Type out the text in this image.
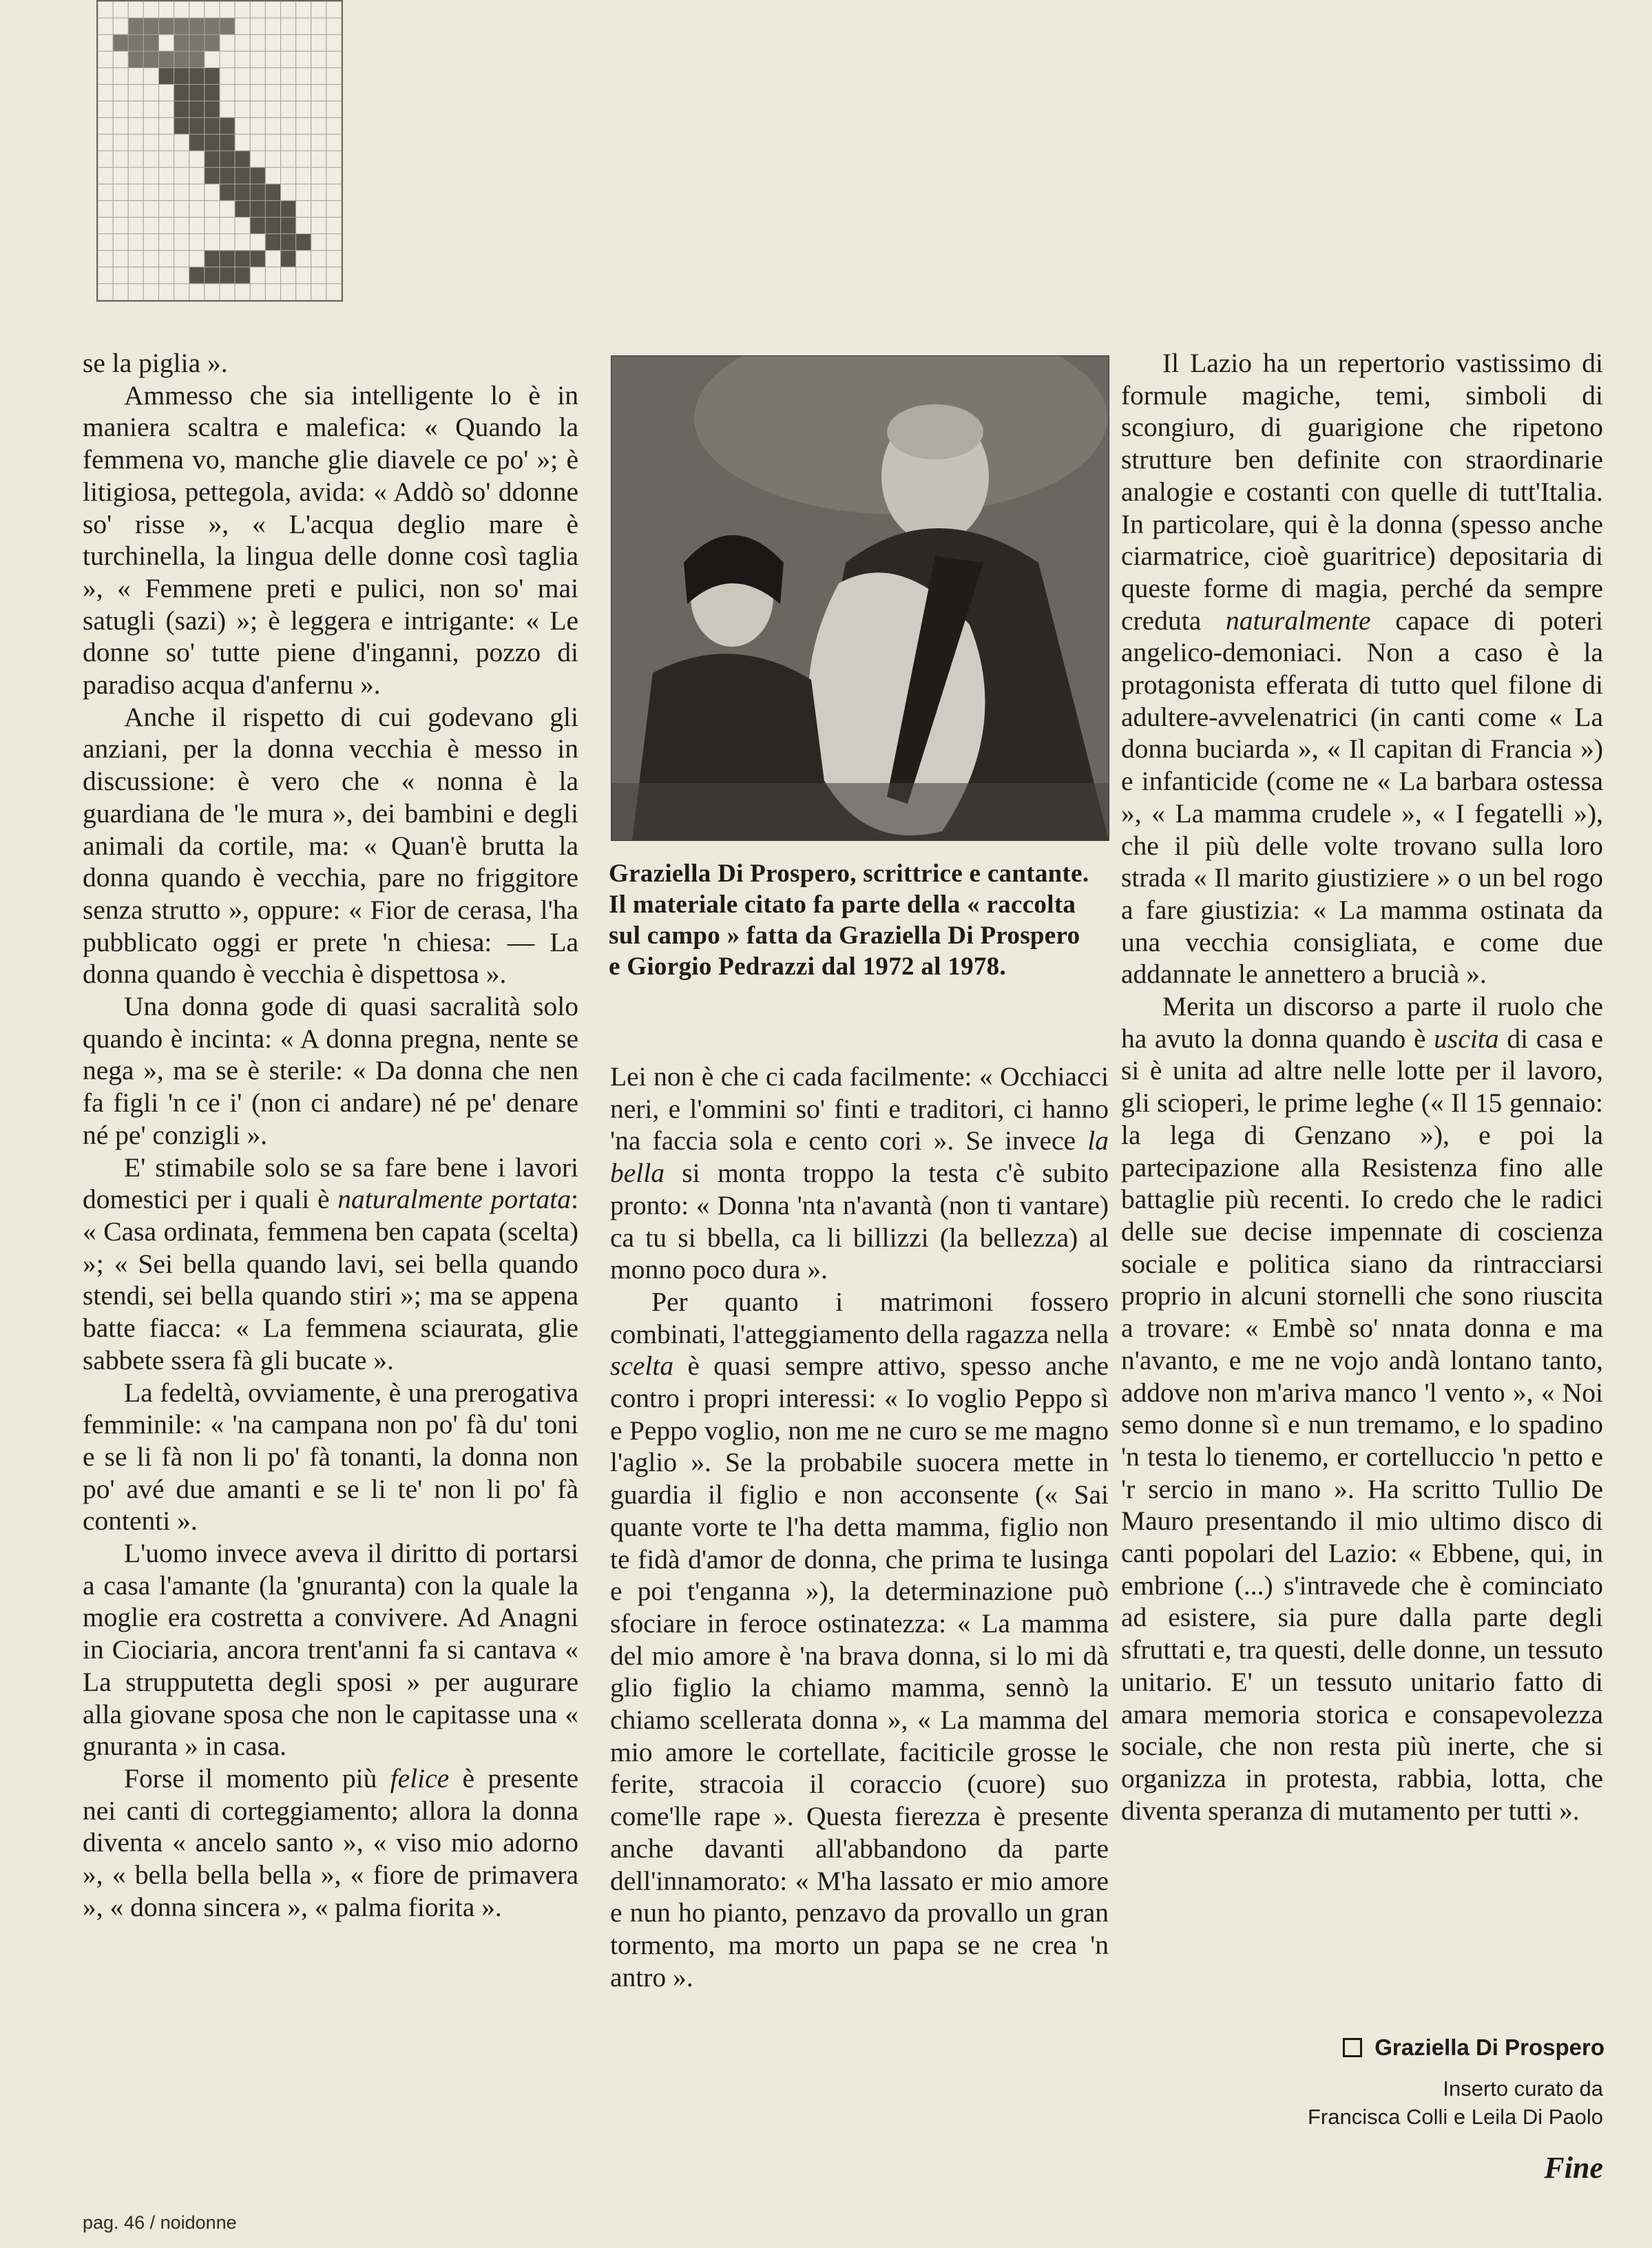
Graziella Di Prospero, scrittrice e cantante. Il materiale citato fa parte della « raccolta sul campo » fatta da Graziella Di Prospero e Giorgio Pedrazzi dal 1972 al 1978.

se la piglia ».

Ammesso che sia intelligente lo è in maniera scaltra e malefica: « Quando la femmena vo, manche glie diavele ce po' »; è litigiosa, pettegola, avida: « Addò so' ddonne so' risse », « L'acqua deglio mare è turchinella, la lingua delle donne così taglia », « Femmene preti e pulici, non so' mai satugli (sazi) »; è leggera e intrigante: « Le donne so' tutte piene d'inganni, pozzo di paradiso acqua d'anfernu ».

Anche il rispetto di cui godevano gli anziani, per la donna vecchia è messo in discussione: è vero che « nonna è la guardiana de 'le mura », dei bambini e degli animali da cortile, ma: « Quan'è brutta la donna quando è vecchia, pare no friggitore senza strutto », oppure: « Fior de cerasa, l'ha pubblicato oggi er prete 'n chiesa: — La donna quando è vecchia è dispettosa ».

Una donna gode di quasi sacralità solo quando è incinta: « A donna pregna, nente se nega », ma se è sterile: « Da donna che nen fa figli 'n ce i' (non ci andare) né pe' denare né pe' conzigli ».

E' stimabile solo se sa fare bene i lavori domestici per i quali è naturalmente portata: « Casa ordinata, femmena ben capata (scelta) »; « Sei bella quando lavi, sei bella quando stendi, sei bella quando stiri »; ma se appena batte fiacca: « La femmena sciaurata, glie sabbete ssera fà gli bucate ».

La fedeltà, ovviamente, è una prerogativa femminile: « 'na campana non po' fà du' toni e se li fà non li po' fà tonanti, la donna non po' avé due amanti e se li te' non li po' fà contenti ».

L'uomo invece aveva il diritto di portarsi a casa l'amante (la 'gnuranta) con la quale la moglie era costretta a convivere. Ad Anagni in Ciociaria, ancora trent'anni fa si cantava « La strupputetta degli sposi » per augurare alla giovane sposa che non le capitasse una « gnuranta » in casa.

Forse il momento più felice è presente nei canti di corteggiamento; allora la donna diventa « ancelo santo », « viso mio adorno », « bella bella bella », « fiore de primavera », « donna sincera », « palma fiorita ».

Lei non è che ci cada facilmente: « Occhiacci neri, e l'ommini so' finti e traditori, ci hanno 'na faccia sola e cento cori ». Se invece la bella si monta troppo la testa c'è subito pronto: « Donna 'nta n'avantà (non ti vantare) ca tu si bbella, ca li billizzi (la bellezza) al monno poco dura ».

Per quanto i matrimoni fossero combinati, l'atteggiamento della ragazza nella scelta è quasi sempre attivo, spesso anche contro i propri interessi: « Io voglio Peppo sì e Peppo voglio, non me ne curo se me magno l'aglio ». Se la probabile suocera mette in guardia il figlio e non acconsente (« Sai quante vorte te l'ha detta mamma, figlio non te fidà d'amor de donna, che prima te lusinga e poi t'enganna »), la determinazione può sfociare in feroce ostinatezza: « La mamma del mio amore è 'na brava donna, si lo mi dà glio figlio la chiamo mamma, sennò la chiamo scellerata donna », « La mamma del mio amore le cortellate, faciticile grosse le ferite, stracoia il coraccio (cuore) suo come'lle rape ». Questa fierezza è presente anche davanti all'abbandono da parte dell'innamorato: « M'ha lassato er mio amore e nun ho pianto, penzavo da provallo un gran tormento, ma morto un papa se ne crea 'n antro ».

Il Lazio ha un repertorio vastissimo di formule magiche, temi, simboli di scongiuro, di guarigione che ripetono strutture ben definite con straordinarie analogie e costanti con quelle di tutt'Italia. In particolare, qui è la donna (spesso anche ciarmatrice, cioè guaritrice) depositaria di queste forme di magia, perché da sempre creduta naturalmente capace di poteri angelico-demoniaci. Non a caso è la protagonista efferata di tutto quel filone di adultere-avvelenatrici (in canti come « La donna buciarda », « Il capitan di Francia ») e infanticide (come ne « La barbara ostessa », « La mamma crudele », « I fegatelli »), che il più delle volte trovano sulla loro strada « Il marito giustiziere » o un bel rogo a fare giustizia: « La mamma ostinata da una vecchia consigliata, e come due addannate le annettero a brucià ».

Merita un discorso a parte il ruolo che ha avuto la donna quando è uscita di casa e si è unita ad altre nelle lotte per il lavoro, gli scioperi, le prime leghe (« Il 15 gennaio: la lega di Genzano »), e poi la partecipazione alla Resistenza fino alle battaglie più recenti. Io credo che le radici delle sue decise impennate di coscienza sociale e politica siano da rintracciarsi proprio in alcuni stornelli che sono riuscita a trovare: « Embè so' nnata donna e ma n'avanto, e me ne vojo andà lontano tanto, addove non m'ariva manco 'l vento », « Noi semo donne sì e nun tremamo, e lo spadino 'n testa lo tienemo, er cortelluccio 'n petto e 'r sercio in mano ». Ha scritto Tullio De Mauro presentando il mio ultimo disco di canti popolari del Lazio: « Ebbene, qui, in embrione (...) s'intravede che è cominciato ad esistere, sia pure dalla parte degli sfruttati e, tra questi, delle donne, un tessuto unitario. E' un tessuto unitario fatto di amara memoria storica e consapevolezza sociale, che non resta più inerte, che si organizza in protesta, rabbia, lotta, che diventa speranza di mutamento per tutti ».

Graziella Di Prospero
Inserto curato da
Francisca Colli e Leila Di Paolo
Fine
pag. 46 / noidonne
